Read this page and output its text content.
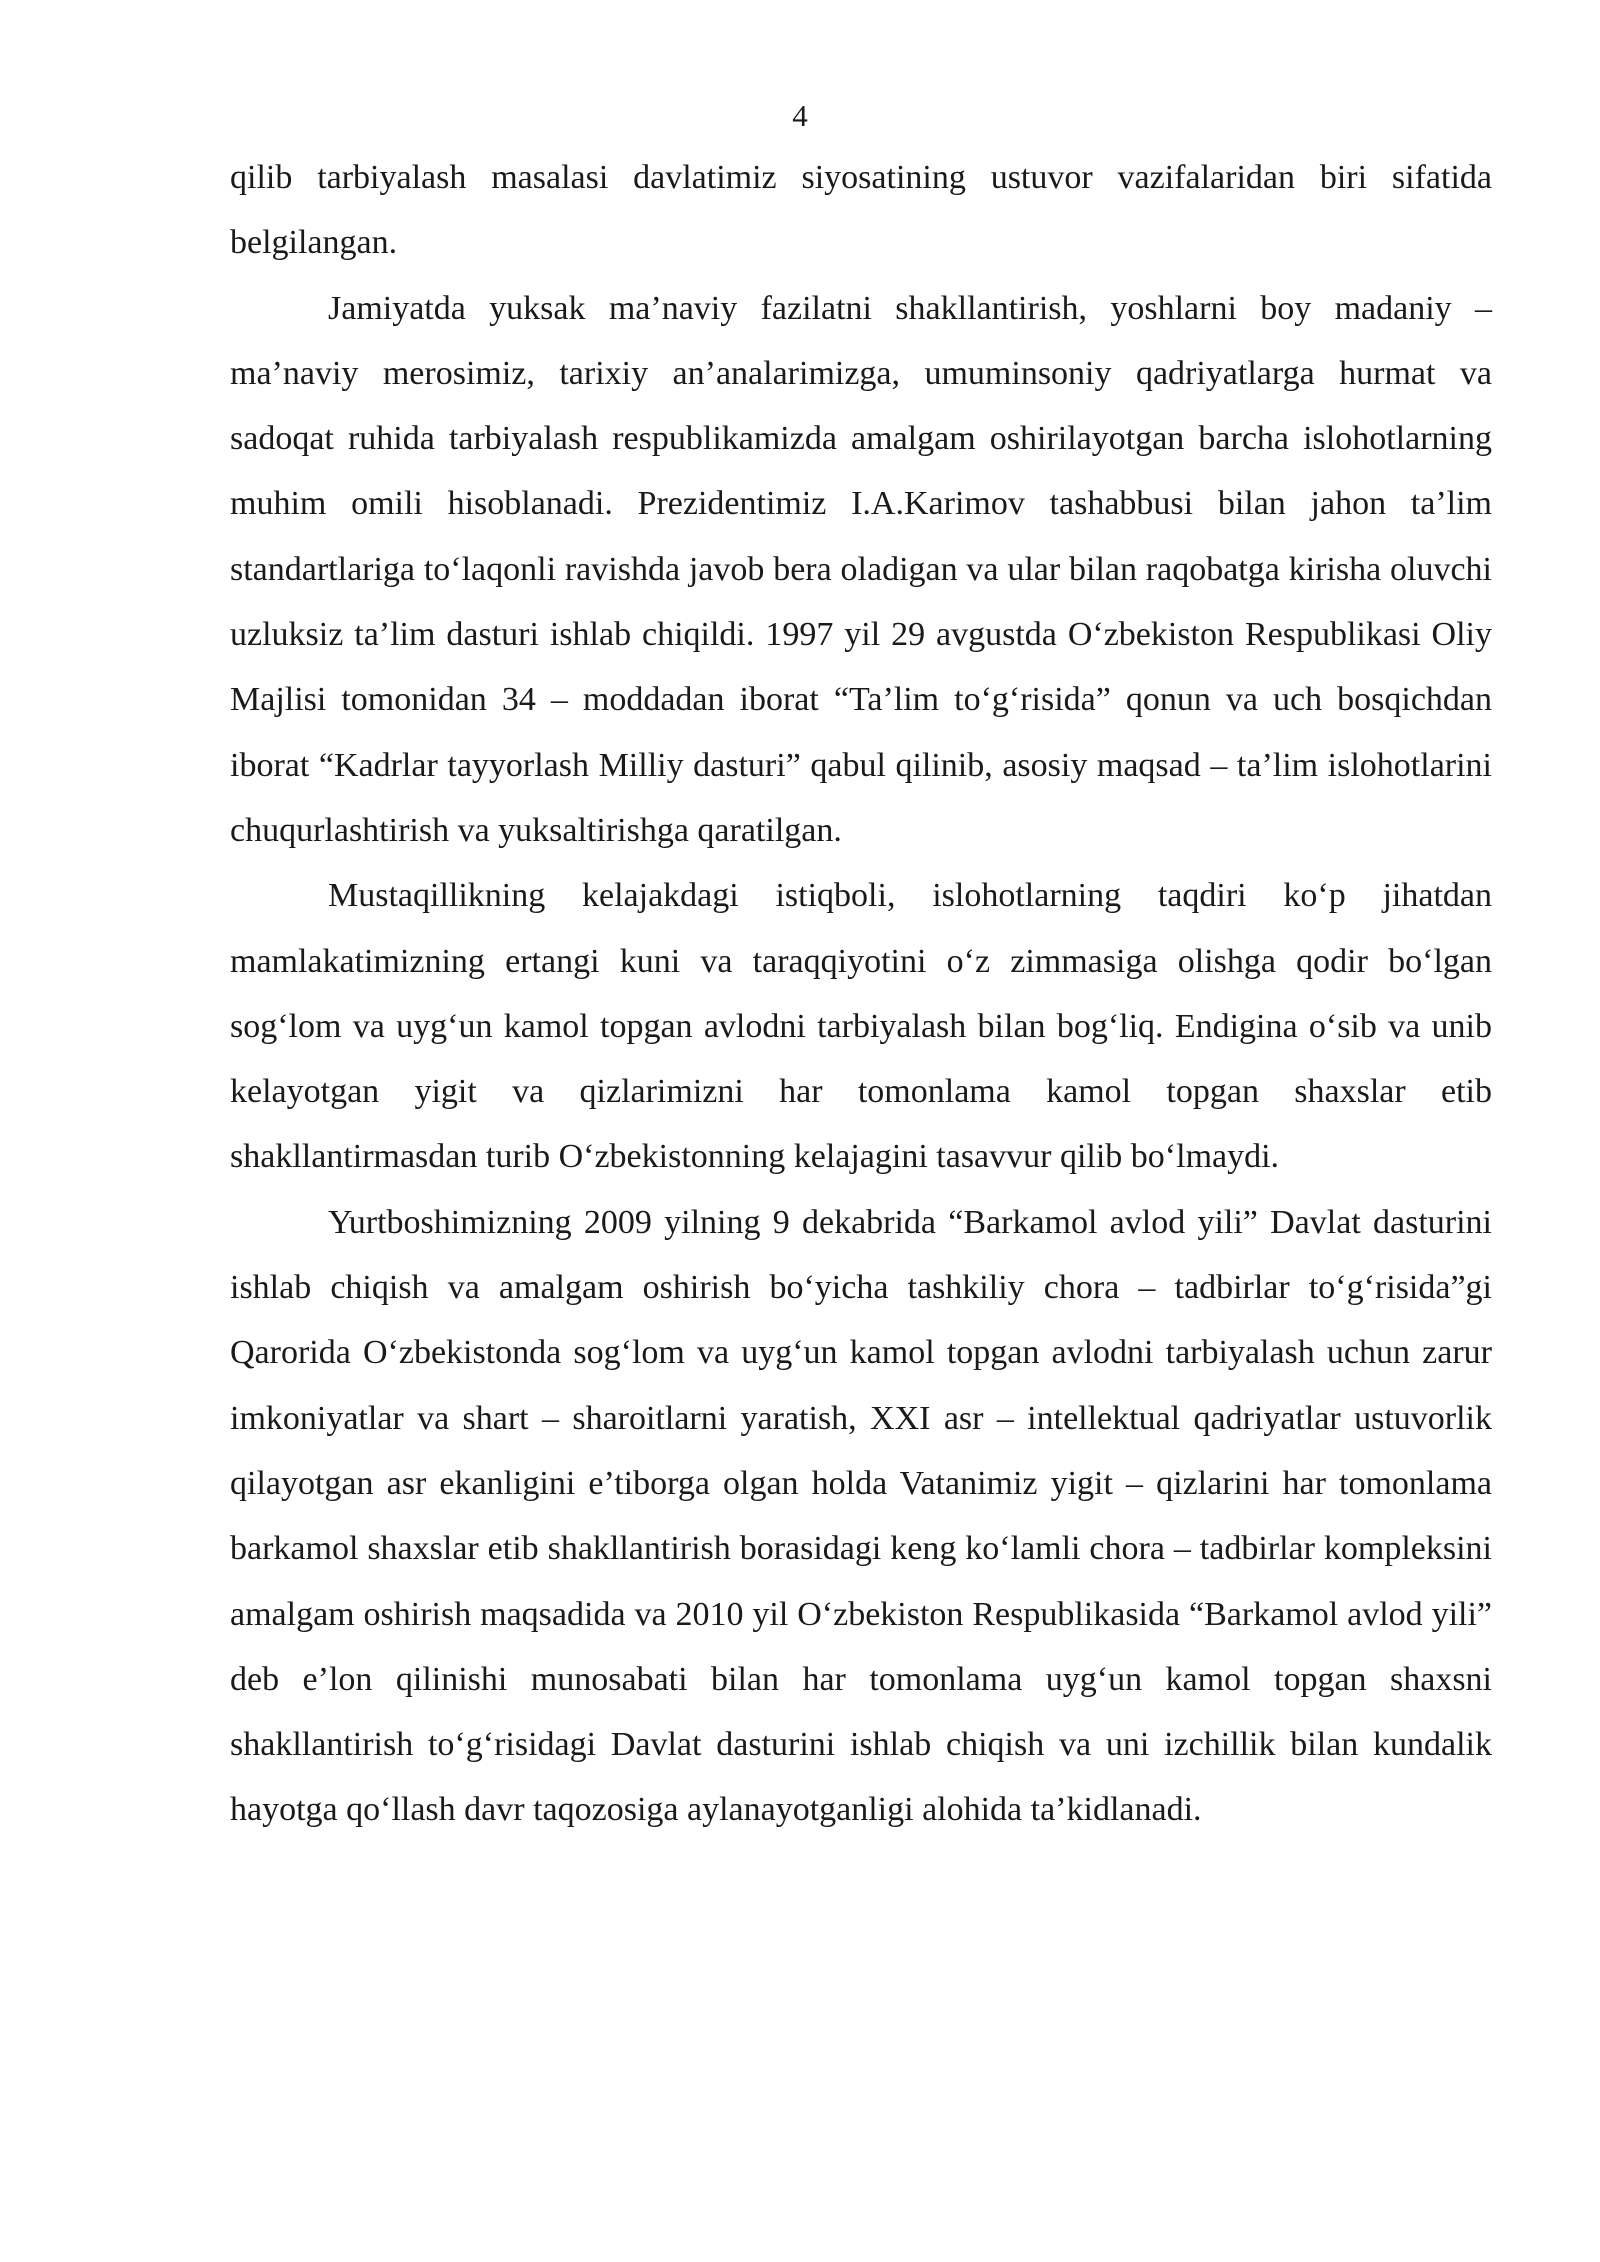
4

qilib tarbiyalash masalasi davlatimiz siyosatining ustuvor vazifalaridan biri sifatida belgilangan.

Jamiyatda yuksak ma’naviy fazilatni shakllantirish, yoshlarni boy madaniy – ma’naviy merosimiz, tarixiy an’analarimizga, umuminsoniy qadriyatlarga hurmat va sadoqat ruhida tarbiyalash respublikamizda amalgam oshirilayotgan barcha islohotlarning muhim omili hisoblanadi. Prezidentimiz I.A.Karimov tashabbusi bilan jahon ta’lim standartlariga to‘laqonli ravishda javob bera oladigan va ular bilan raqobatga kirisha oluvchi uzluksiz ta’lim dasturi ishlab chiqildi. 1997 yil 29 avgustda O‘zbekiston Respublikasi Oliy Majlisi tomonidan 34 – moddadan iborat “Ta’lim to‘g‘risida” qonun va uch bosqichdan iborat “Kadrlar tayyorlash Milliy dasturi” qabul qilinib, asosiy maqsad – ta’lim islohotlarini chuqurlashtirish va yuksaltirishga qaratilgan.

Mustaqillikning kelajakdagi istiqboli, islohotlarning taqdiri ko‘p jihatdan mamlakatimizning ertangi kuni va taraqqiyotini o‘z zimmasiga olishga qodir bo‘lgan sog‘lom va uyg‘un kamol topgan avlodni tarbiyalash bilan bog‘liq. Endigina o‘sib va unib kelayotgan yigit va qizlarimizni har tomonlama kamol topgan shaxslar etib shakllantirmasdan turib O‘zbekistonning kelajagini tasavvur qilib bo‘lmaydi.

Yurtboshimizning 2009 yilning 9 dekabrida “Barkamol avlod yili” Davlat dasturini ishlab chiqish va amalgam oshirish bo‘yicha tashkiliy chora – tadbirlar to‘g‘risida”gi Qarorida O‘zbekistonda sog‘lom va uyg‘un kamol topgan avlodni tarbiyalash uchun zarur imkoniyatlar va shart – sharoitlarni yaratish, XXI asr – intellektual qadriyatlar ustuvorlik qilayotgan asr ekanligini e’tiborga olgan holda Vatanimiz yigit – qizlarini har tomonlama barkamol shaxslar etib shakllantirish borasidagi keng ko‘lamli chora – tadbirlar kompleksini amalgam oshirish maqsadida va 2010 yil O‘zbekiston Respublikasida “Barkamol avlod yili” deb e’lon qilinishi munosabati bilan har tomonlama uyg‘un kamol topgan shaxsni shakllantirish to‘g‘risidagi Davlat dasturini ishlab chiqish va uni izchillik bilan kundalik hayotga qo‘llash davr taqozosiga aylanayotganligi alohida ta’kidlanadi.
